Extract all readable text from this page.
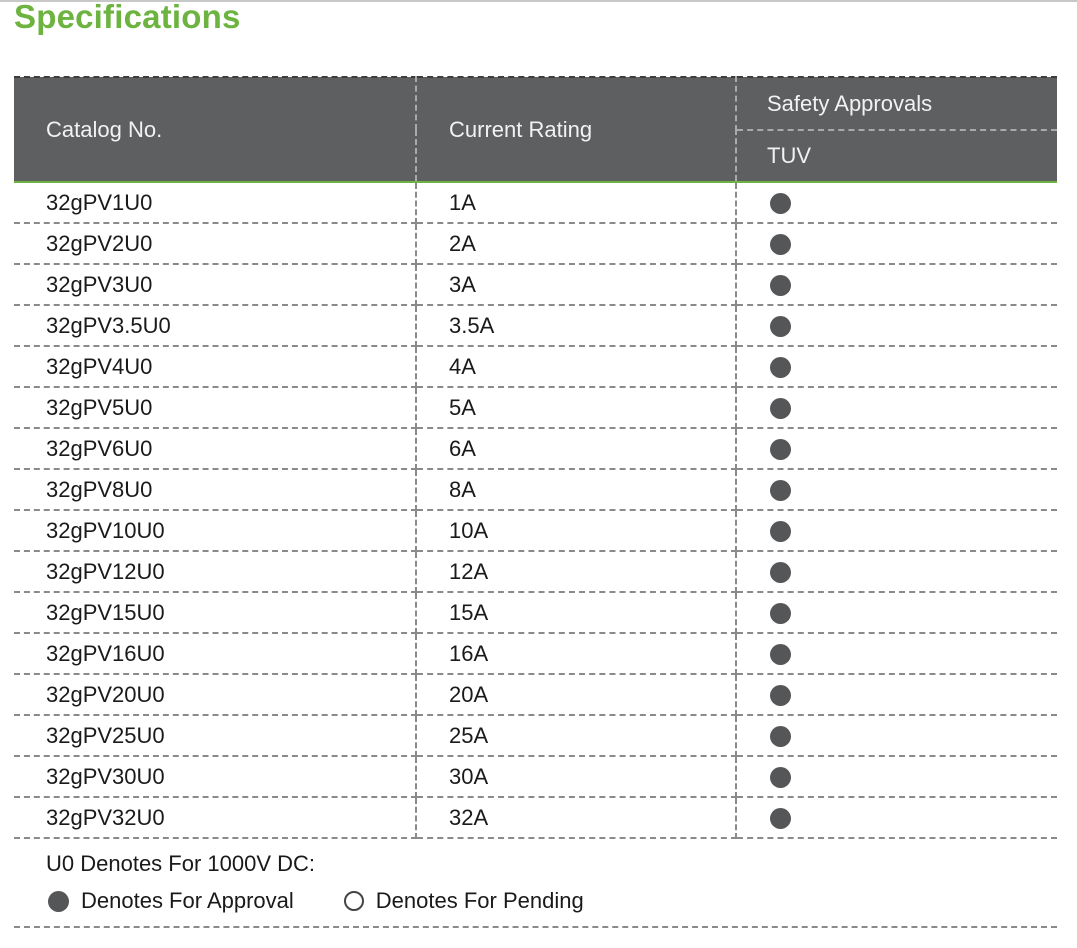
Specifications
Catalog No.	Current Rating	Safety Approvals
		TUV
32gPV1U0	1A	
32gPV2U0	2A	
32gPV3U0	3A	
32gPV3.5U0	3.5A	
32gPV4U0	4A	
32gPV5U0	5A	
32gPV6U0	6A	
32gPV8U0	8A	
32gPV10U0	10A	
32gPV12U0	12A	
32gPV15U0	15A	
32gPV16U0	16A	
32gPV20U0	20A	
32gPV25U0	25A	
32gPV30U0	30A	
32gPV32U0	32A	
U0 Denotes For 1000V DC:
Denotes For Approval	Denotes For Pending
